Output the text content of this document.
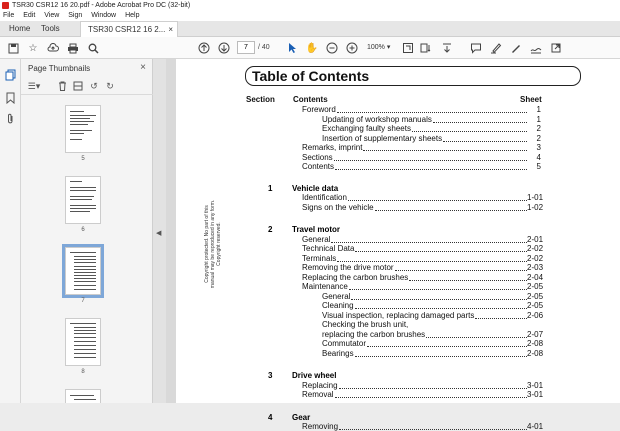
TSR30 CSR12 16 20.pdf - Adobe Acrobat Pro DC (32-bit)
File Edit View Sign Window Help
Home	Tools	TSR30 CSR12 16 2... ×
☆	7	/ 40	✋	100% ▾
Page Thumbnails	×
☰▾	↺ ↻
5
6
7
8
◀
Table of Contents
Section Contents	Sheet
Copyright protected. No part of this manual may be reproduced in any form. Copyright reserved.
Foreword	1
Updating of workshop manuals	1
Exchanging faulty sheets	2
Insertion of supplementary sheets	2
Remarks, imprint	3
Sections	4
Contents	5
1 Vehicle data
Identification	1-01
Signs on the vehicle	1-02
2 Travel motor
General	2-01
Technical Data	2-02
Terminals	2-02
Removing the drive motor	2-03
Replacing the carbon brushes	2-04
Maintenance	2-05
General	2-05
Cleaning	2-05
Visual inspection, replacing damaged parts	2-06
Checking the brush unit,
replacing the carbon brushes	2-07
Commutator	2-08
Bearings	2-08
3 Drive wheel
Replacing	3-01
Removal	3-01
4 Gear
Removing	4-01
